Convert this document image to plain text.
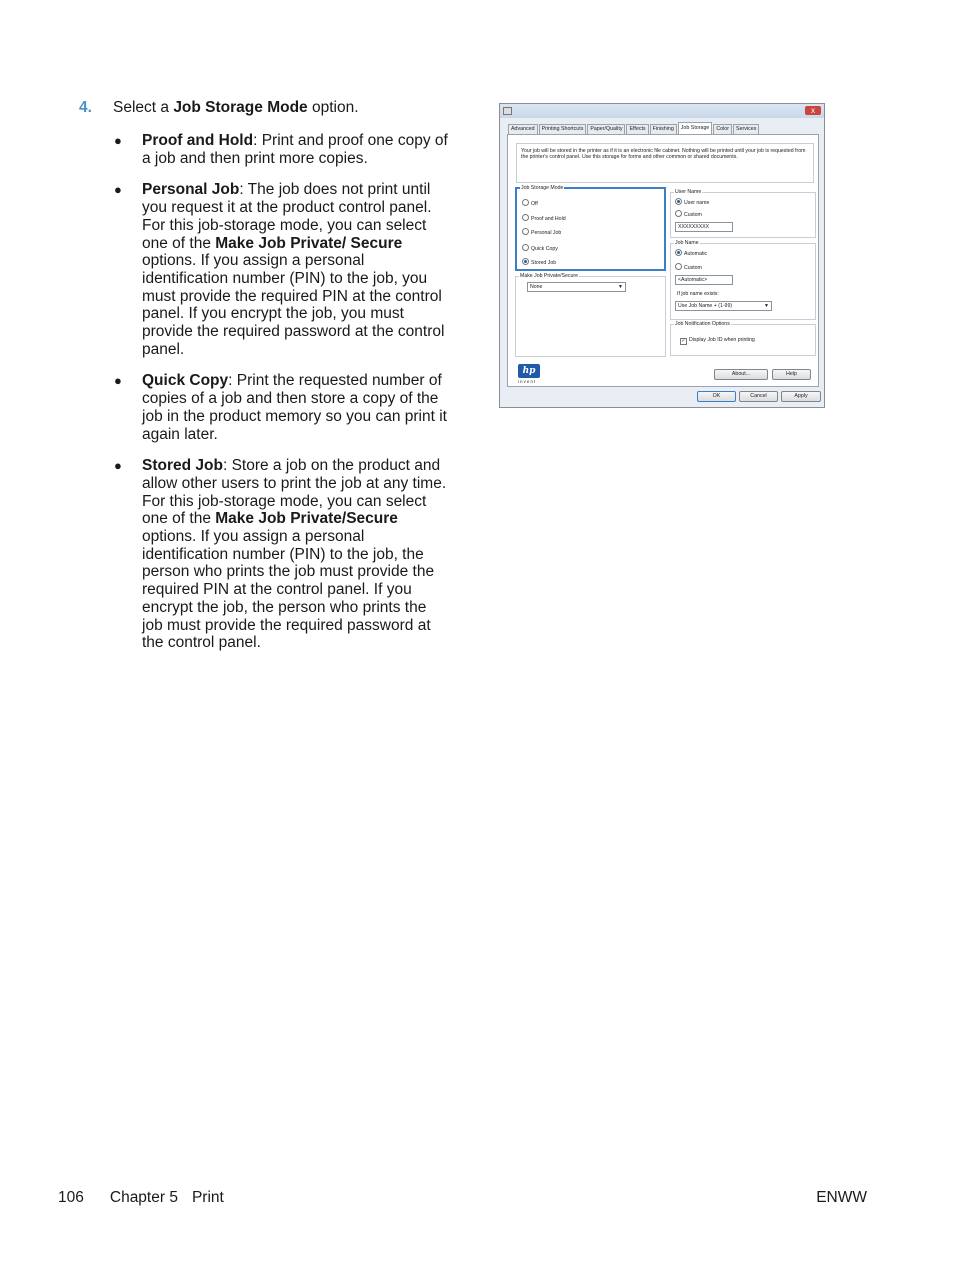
4. Select a Job Storage Mode option.
● Proof and Hold: Print and proof one copy of a job and then print more copies.
● Personal Job: The job does not print until you request it at the product control panel. For this job-storage mode, you can select one of the Make Job Private/ Secure options. If you assign a personal identification number (PIN) to the job, you must provide the required PIN at the control panel. If you encrypt the job, you must provide the required password at the control panel.
● Quick Copy: Print the requested number of copies of a job and then store a copy of the job in the product memory so you can print it again later.
● Stored Job: Store a job on the product and allow other users to print the job at any time. For this job-storage mode, you can select one of the Make Job Private/Secure options. If you assign a personal identification number (PIN) to the job, the person who prints the job must provide the required PIN at the control panel. If you encrypt the job, the person who prints the job must provide the required password at the control panel.
x
Advanced	Printing Shortcuts	Paper/Quality	Effects	Finishing	Job Storage	Color	Services
Your job will be stored in the printer as if it is an electronic file cabinet. Nothing will be printed until your job is requested from the printer's control panel. Use this storage for forms and other common or shared documents.
Job Storage Mode
Off
Proof and Hold
Personal Job
Quick Copy
Stored Job
Make Job Private/Secure
None	▼
User Name
User name
Custom
XXXXXXXXX
Job Name
Automatic
Custom
<Automatic>
If job name exists:
Use Job Name + (1-99)	▼
Job Notification Options
✓ Display Job ID when printing
hp
invent
About...	Help
OK	Cancel	Apply
106 Chapter 5 Print	ENWW
